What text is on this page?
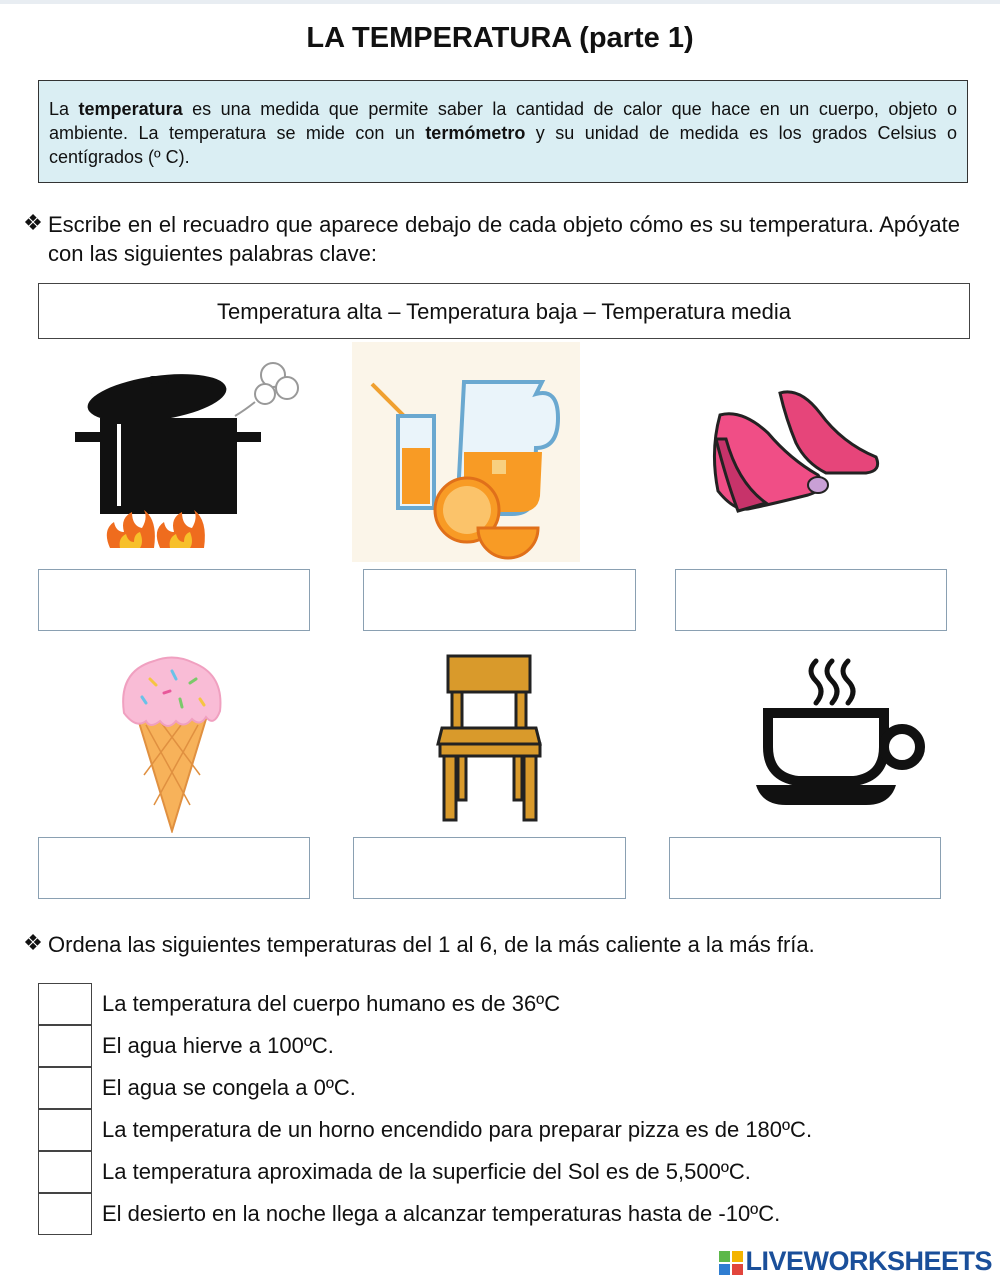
LA TEMPERATURA (parte 1)
La temperatura es una medida que permite saber la cantidad de calor que hace en un cuerpo, objeto o ambiente. La temperatura se mide con un termómetro y su unidad de medida es los grados Celsius o centígrados (º C).
❖ Escribe en el recuadro que aparece debajo de cada objeto cómo es su temperatura. Apóyate con las siguientes palabras clave:
Temperatura alta – Temperatura baja – Temperatura media
❖ Ordena las siguientes temperaturas del 1 al 6, de la más caliente a la más fría.
La temperatura del cuerpo humano es de 36ºC
El agua hierve a 100ºC.
El agua se congela a 0ºC.
La temperatura de un horno encendido para preparar pizza es de 180ºC.
La temperatura aproximada de la superficie del Sol es de 5,500ºC.
El desierto en la noche llega a alcanzar temperaturas hasta de -10ºC.
LIVEWORKSHEETS
